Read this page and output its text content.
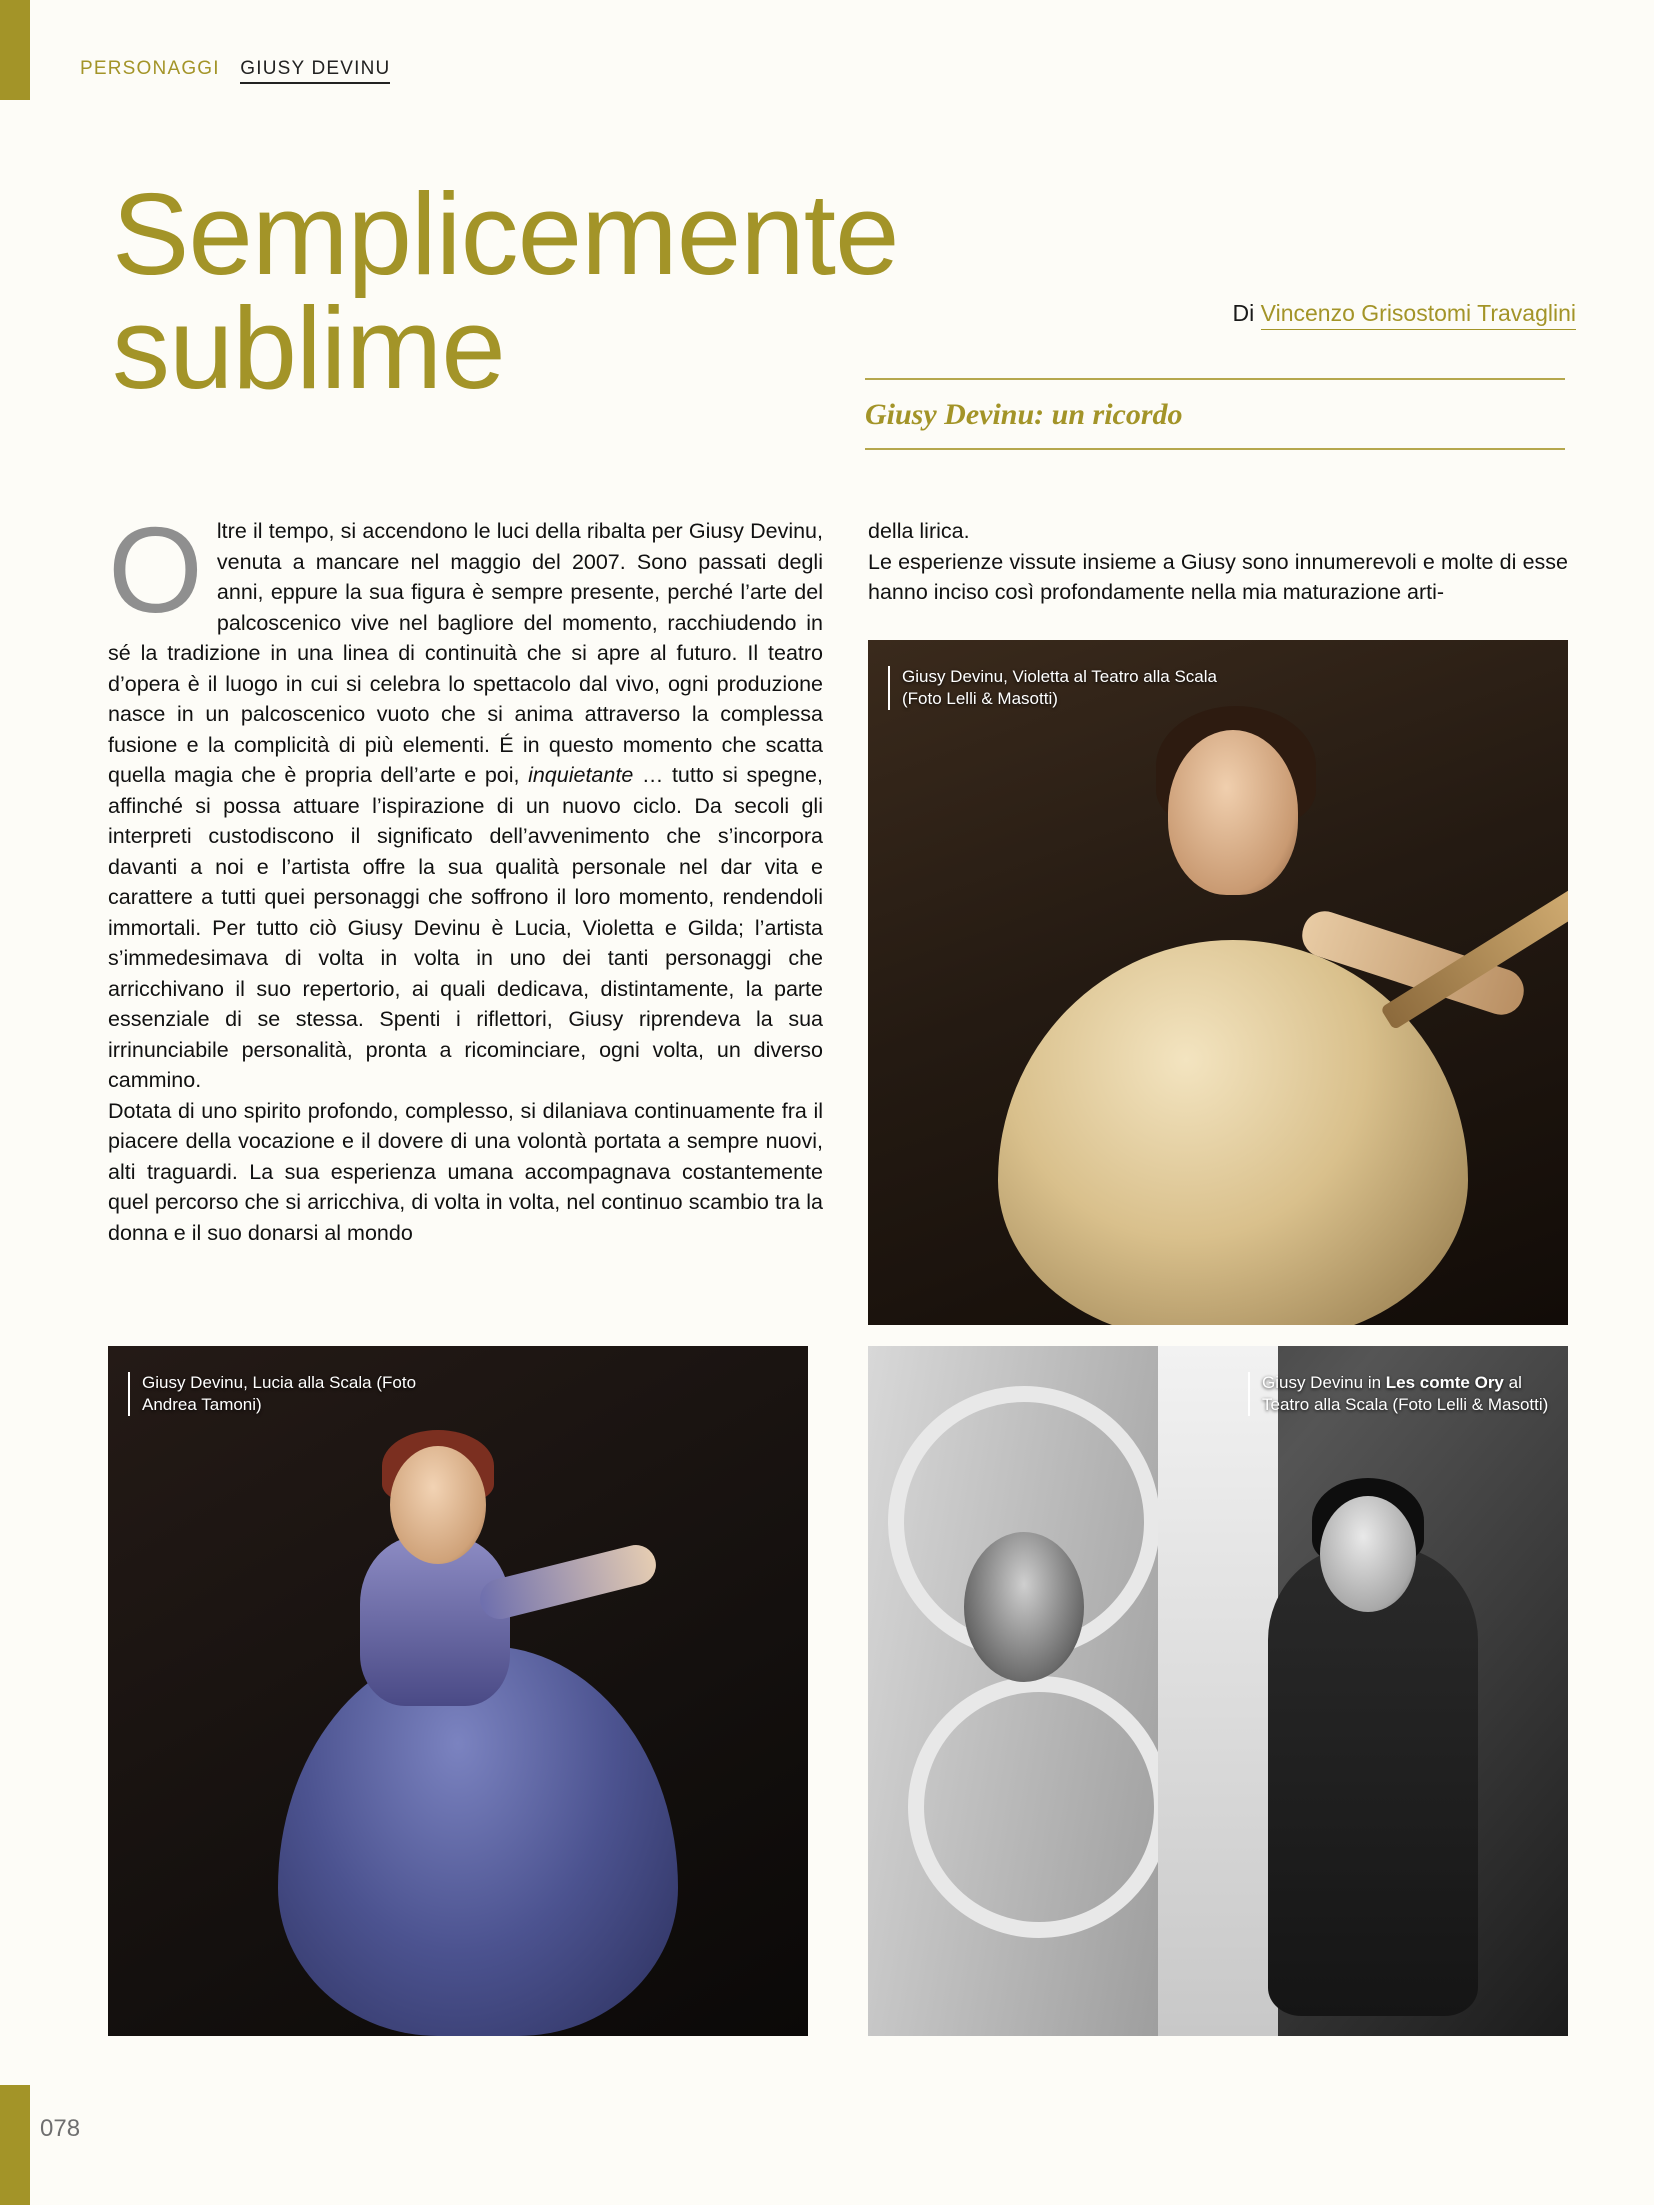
PERSONAGGI GIUSY DEVINU
Semplicemente sublime	Di Vincenzo Grisostomi Travaglini
Giusy Devinu: un ricordo
O ltre il tempo, si accendono le luci della ribalta per Giusy Devinu, venuta a mancare nel maggio del 2007. Sono passati degli anni, eppure la sua figura è sempre presente, perché l’arte del palcoscenico vive nel bagliore del momento, racchiudendo in sé la tradizione in una linea di continuità che si apre al futuro. Il teatro d’opera è il luogo in cui si celebra lo spettacolo dal vivo, ogni produzione nasce in un palcoscenico vuoto che si anima attraverso la complessa fusione e la complicità di più elementi. É in questo momento che scatta quella magia che è propria dell’arte e poi, inquietante … tutto si spegne, affinché si possa attuare l’ispirazione di un nuovo ciclo. Da secoli gli interpreti custodiscono il significato dell’avvenimento che s’incorpora davanti a noi e l’artista offre la sua qualità personale nel dar vita e carattere a tutti quei personaggi che soffrono il loro momento, rendendoli immortali. Per tutto ciò Giusy Devinu è Lucia, Violetta e Gilda; l’artista s’immedesimava di volta in volta in uno dei tanti personaggi che arricchivano il suo repertorio, ai quali dedicava, distintamente, la parte essenziale di se stessa. Spenti i riflettori, Giusy riprendeva la sua irrinunciabile personalità, pronta a ricominciare, ogni volta, un diverso cammino.

Dotata di uno spirito profondo, complesso, si dilaniava continuamente fra il piacere della vocazione e il dovere di una volontà portata a sempre nuovi, alti traguardi. La sua esperienza umana accompagnava costantemente quel percorso che si arricchiva, di volta in volta, nel continuo scambio tra la donna e il suo donarsi al mondo

della lirica.

Le esperienze vissute insieme a Giusy sono innumerevoli e molte di esse hanno inciso così profondamente nella mia maturazione arti-

Giusy Devinu, Violetta al Teatro alla Scala (Foto Lelli & Masotti)
Giusy Devinu, Lucia alla Scala (Foto Andrea Tamoni)
Giusy Devinu in Les comte Ory al Teatro alla Scala (Foto Lelli & Masotti)
078
